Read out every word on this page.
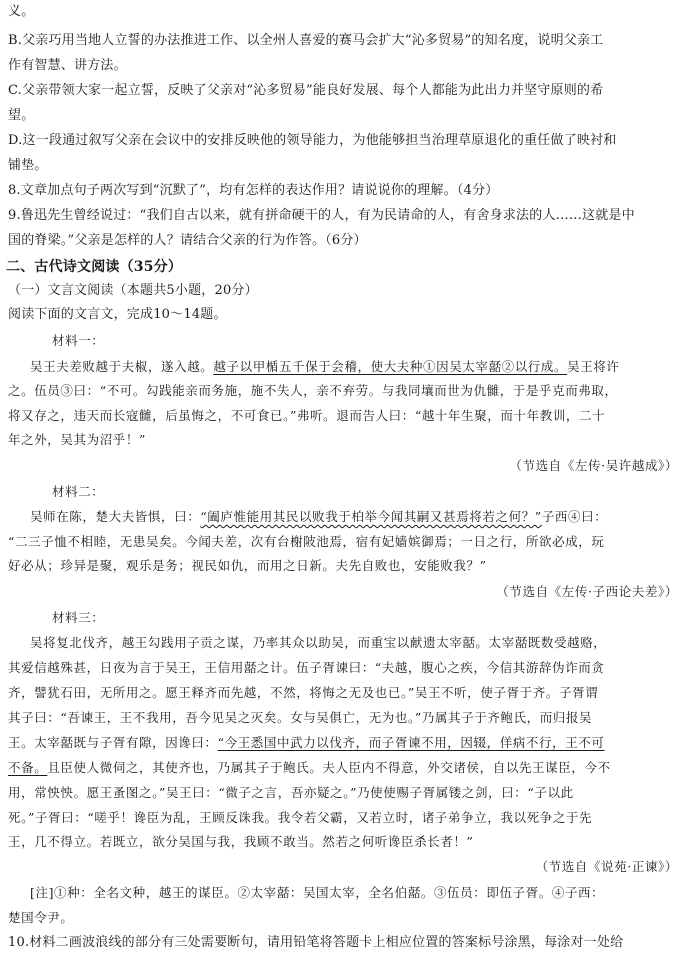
义。
B.父亲巧用当地人立誓的办法推进工作、以全州人喜爱的赛马会扩大“沁多贸易”的知名度，说明父亲工
作有智慧、讲方法。
C.父亲带领大家一起立誓，反映了父亲对“沁多贸易”能良好发展、每个人都能为此出力并坚守原则的希
望。
D.这一段通过叙写父亲在会议中的安排反映他的领导能力，为他能够担当治理草原退化的重任做了映衬和
铺垫。
8.文章加点句子两次写到“沉默了”，均有怎样的表达作用？请说说你的理解。（4分）
9.鲁迅先生曾经说过：“我们自古以来，就有拼命硬干的人，有为民请命的人，有舍身求法的人……这就是中
国的脊梁。”父亲是怎样的人？请结合父亲的行为作答。（6分）
二、古代诗文阅读（35分）
（一）文言文阅读（本题共5小题，20分）
阅读下面的文言文，完成10～14题。
材料一：
吴王夫差败越于夫椒，遂入越。越子以甲楯五千保于会稽，使大夫种①因吴太宰嚭②以行成。吴王将许
之。伍员③曰：“不可。勾践能亲而务施，施不失人，亲不弃劳。与我同壤而世为仇雠，于是乎克而弗取，
将又存之，违天而长寇雠，后虽悔之，不可食已。”弗听。退而告人曰：“越十年生聚，而十年教训，二十
年之外，吴其为沼乎！”
（节选自《左传·吴许越成》）
材料二：
吴师在陈，楚大夫皆惧，曰：“阖庐惟能用其民以败我于柏举今闻其嗣又甚焉将若之何？”子西④曰：
“二三子恤不相睦，无患吴矣。今闻夫差，次有台榭陂池焉，宿有妃嫱嫔御焉；一日之行，所欲必成，玩
好必从；珍异是聚，观乐是务；视民如仇，而用之日新。夫先自败也，安能败我？”
（节选自《左传·子西论夫差》）
材料三：
吴将复北伐齐，越王勾践用子贡之谋，乃率其众以助吴，而重宝以献遗太宰嚭。太宰嚭既数受越赂，
其爱信越殊甚，日夜为言于吴王，王信用嚭之计。伍子胥谏曰：“夫越，腹心之疾，今信其游辞伪诈而贪
齐，譬犹石田，无所用之。愿王释齐而先越，不然，将悔之无及也已。”吴王不听，使子胥于齐。子胥谓
其子曰：“吾谏王，王不我用，吾今见吴之灭矣。女与吴俱亡，无为也。”乃属其子于齐鲍氏，而归报吴
王。太宰嚭既与子胥有隙，因谗曰：“今王悉国中武力以伐齐，而子胥谏不用，因辍，佯病不行，王不可
不备。且臣使人微伺之，其使齐也，乃属其子于鲍氏。夫人臣内不得意，外交诸侯，自以先王谋臣，今不
用，常怏怏。愿王蚤图之。”吴王曰：“微子之言，吾亦疑之。”乃使使赐子胥属镂之剑，曰：“子以此
死。”子胥曰：“嗟乎！谗臣为乱，王顾反诛我。我令若父霸，又若立时，诸子弟争立，我以死争之于先
王，几不得立。若既立，欲分吴国与我，我顾不敢当。然若之何听谗臣杀长者！”
（节选自《说苑·正谏》）
[注]①种：全名文种，越王的谋臣。②太宰嚭：吴国太宰，全名伯嚭。③伍员：即伍子胥。④子西：
楚国令尹。
10.材料二画波浪线的部分有三处需要断句，请用铅笔将答题卡上相应位置的答案标号涂黑，每涂对一处给
